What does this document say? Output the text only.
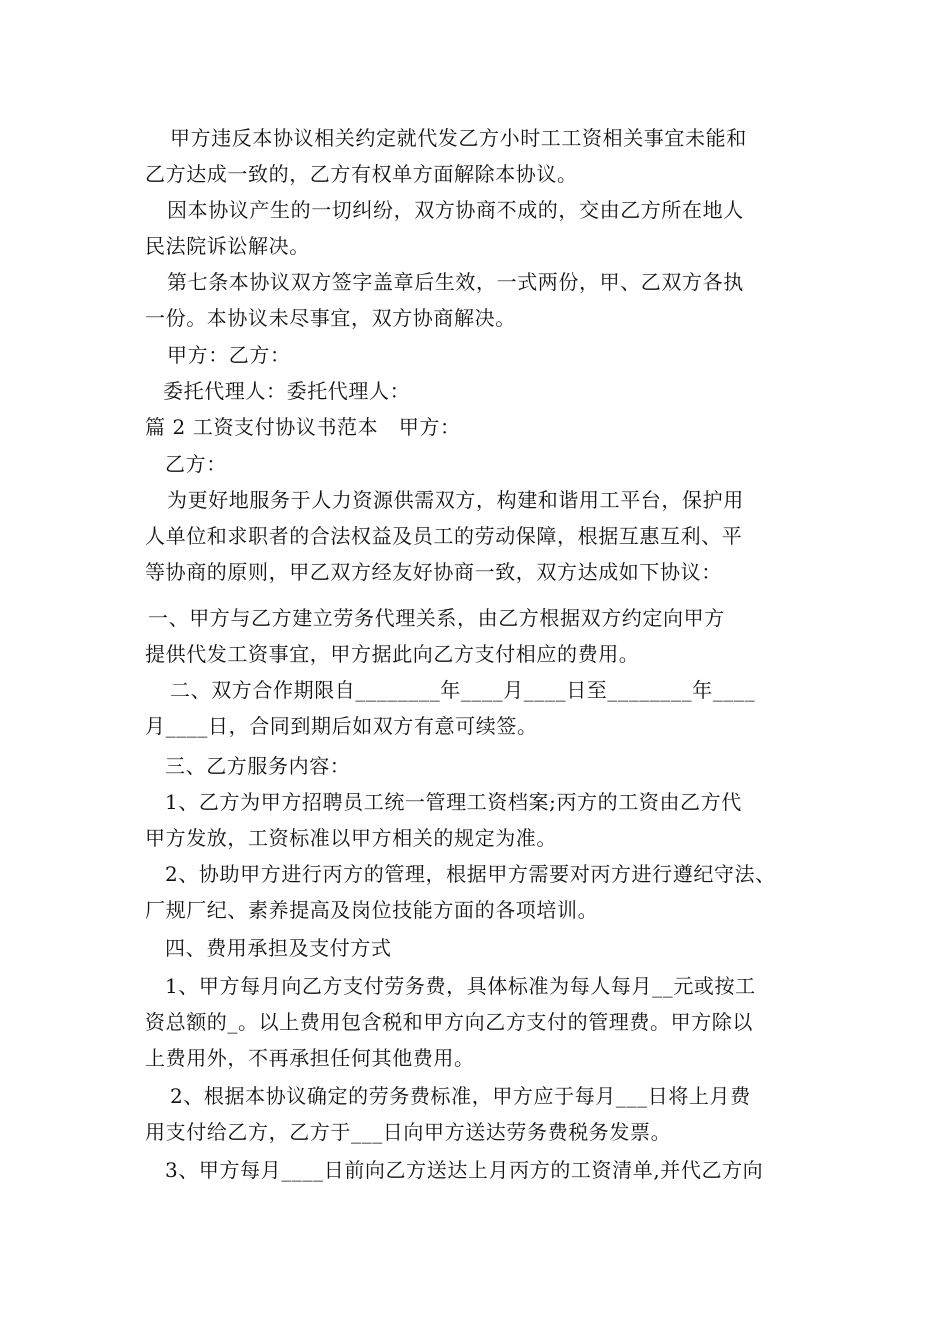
甲方违反本协议相关约定就代发乙方小时工工资相关事宜未能和
乙方达成一致的，乙方有权单方面解除本协议。
因本协议产生的一切纠纷，双方协商不成的，交由乙方所在地人
民法院诉讼解决。
第七条本协议双方签字盖章后生效，一式两份，甲、乙双方各执
一份。本协议未尽事宜，双方协商解决。
甲方：乙方：
委托代理人：委托代理人：
篇 2 工资支付协议书范本　甲方：
乙方：
为更好地服务于人力资源供需双方，构建和谐用工平台，保护用
人单位和求职者的合法权益及员工的劳动保障，根据互惠互利、平
等协商的原则，甲乙双方经友好协商一致，双方达成如下协议：
一、甲方与乙方建立劳务代理关系，由乙方根据双方约定向甲方
提供代发工资事宜，甲方据此向乙方支付相应的费用。
二、双方合作期限自________年____月____日至________年____
月____日，合同到期后如双方有意可续签。
三、乙方服务内容：
1、乙方为甲方招聘员工统一管理工资档案;丙方的工资由乙方代
甲方发放，工资标准以甲方相关的规定为准。
2、协助甲方进行丙方的管理，根据甲方需要对丙方进行遵纪守法、
厂规厂纪、素养提高及岗位技能方面的各项培训。
四、费用承担及支付方式
1、甲方每月向乙方支付劳务费，具体标准为每人每月__元或按工
资总额的_。以上费用包含税和甲方向乙方支付的管理费。甲方除以
上费用外，不再承担任何其他费用。
2、根据本协议确定的劳务费标准，甲方应于每月___日将上月费
用支付给乙方，乙方于___日向甲方送达劳务费税务发票。
3、甲方每月____日前向乙方送达上月丙方的工资清单,并代乙方向
